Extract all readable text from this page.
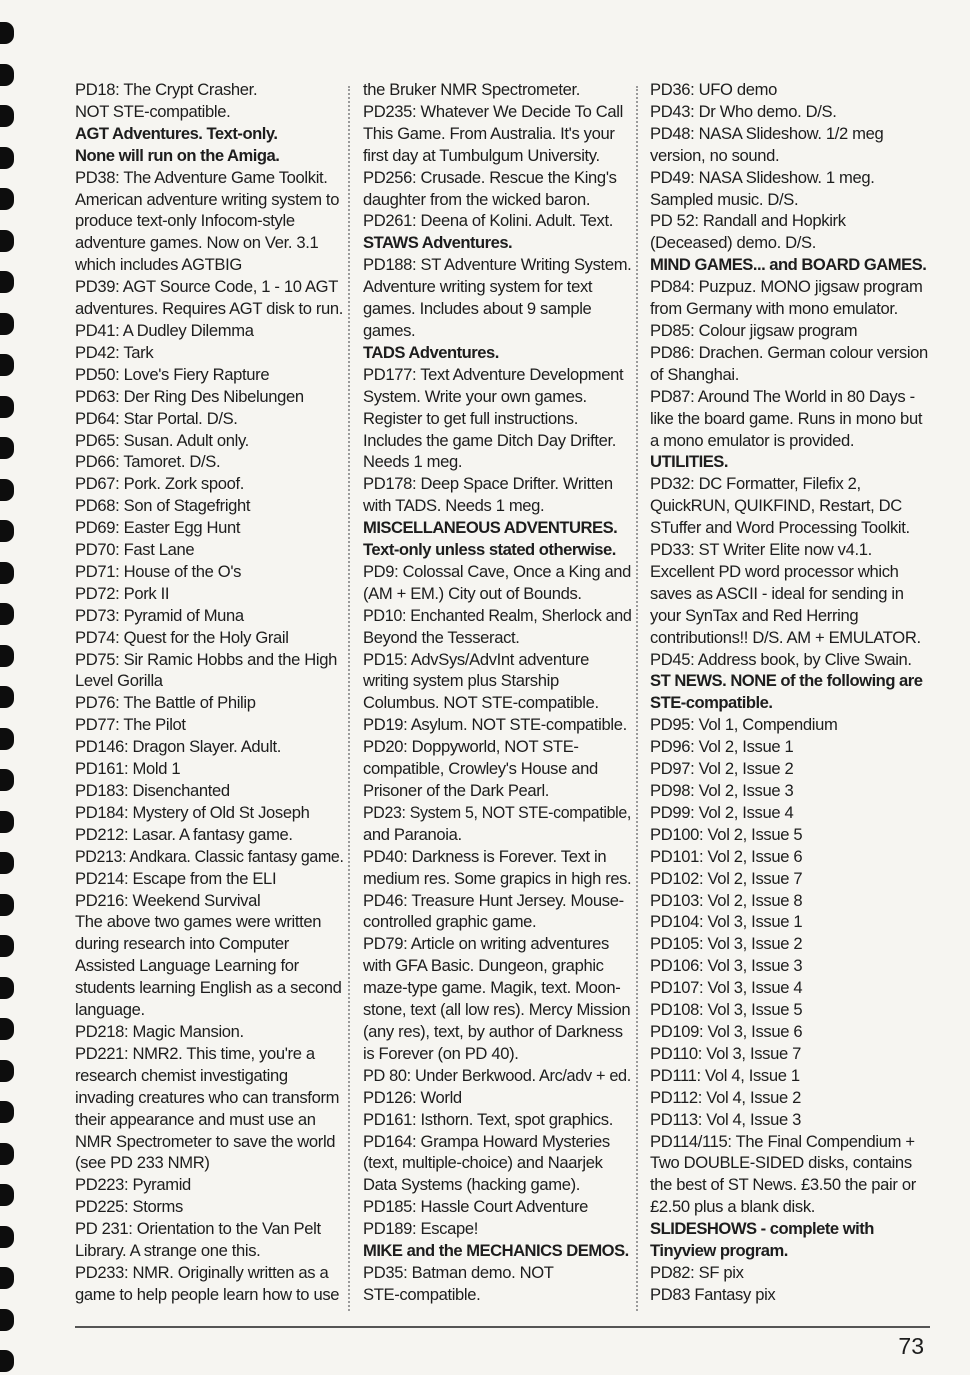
PD18: The Crypt Crasher.
NOT STE-compatible.
AGT Adventures. Text-only.
None will run on the Amiga.
PD38: The Adventure Game Toolkit.
American adventure writing system to
produce text-only Infocom-style
adventure games. Now on Ver. 3.1
which includes AGTBIG
PD39: AGT Source Code, 1 - 10 AGT
adventures. Requires AGT disk to run.
PD41: A Dudley Dilemma
PD42: Tark
PD50: Love's Fiery Rapture
PD63: Der Ring Des Nibelungen
PD64: Star Portal. D/S.
PD65: Susan. Adult only.
PD66: Tamoret. D/S.
PD67: Pork. Zork spoof.
PD68: Son of Stagefright
PD69: Easter Egg Hunt
PD70: Fast Lane
PD71: House of the O's
PD72: Pork II
PD73: Pyramid of Muna
PD74: Quest for the Holy Grail
PD75: Sir Ramic Hobbs and the High
Level Gorilla
PD76: The Battle of Philip
PD77: The Pilot
PD146: Dragon Slayer. Adult.
PD161: Mold 1
PD183: Disenchanted
PD184: Mystery of Old St Joseph
PD212: Lasar. A fantasy game.
PD213: Andkara. Classic fantasy game.
PD214: Escape from the ELI
PD216: Weekend Survival
The above two games were written
during research into Computer
Assisted Language Learning for
students learning English as a second
language.
PD218: Magic Mansion.
PD221: NMR2. This time, you're a
research chemist investigating
invading creatures who can transform
their appearance and must use an
NMR Spectrometer to save the world
(see PD 233 NMR)
PD223: Pyramid
PD225: Storms
PD 231: Orientation to the Van Pelt
Library. A strange one this.
PD233: NMR. Originally written as a
game to help people learn how to use
the Bruker NMR Spectrometer.
PD235: Whatever We Decide To Call
This Game. From Australia. It's your
first day at Tumbulgum University.
PD256: Crusade. Rescue the King's
daughter from the wicked baron.
PD261: Deena of Kolini. Adult. Text.
STAWS Adventures.
PD188: ST Adventure Writing System.
Adventure writing system for text
games. Includes about 9 sample
games.
TADS Adventures.
PD177: Text Adventure Development
System. Write your own games.
Register to get full instructions.
Includes the game Ditch Day Drifter.
Needs 1 meg.
PD178: Deep Space Drifter. Written
with TADS. Needs 1 meg.
MISCELLANEOUS ADVENTURES.
Text-only unless stated otherwise.
PD9: Colossal Cave, Once a King and
(AM + EM.) City out of Bounds.
PD10: Enchanted Realm, Sherlock and
Beyond the Tesseract.
PD15: AdvSys/AdvInt adventure
writing system plus Starship
Columbus. NOT STE-compatible.
PD19: Asylum. NOT STE-compatible.
PD20: Doppyworld, NOT STE-
compatible, Crowley's House and
Prisoner of the Dark Pearl.
PD23: System 5, NOT STE-compatible,
and Paranoia.
PD40: Darkness is Forever. Text in
medium res. Some grapics in high res.
PD46: Treasure Hunt Jersey. Mouse-
controlled graphic game.
PD79: Article on writing adventures
with GFA Basic. Dungeon, graphic
maze-type game. Magik, text. Moon-
stone, text (all low res). Mercy Mission
(any res), text, by author of Darkness
is Forever (on PD 40).
PD 80: Under Berkwood. Arc/adv + ed.
PD126: World
PD161: Isthorn. Text, spot graphics.
PD164: Grampa Howard Mysteries
(text, multiple-choice) and Naarjek
Data Systems (hacking game).
PD185: Hassle Court Adventure
PD189: Escape!
MIKE and the MECHANICS DEMOS.
PD35: Batman demo. NOT
STE-compatible.
PD36: UFO demo
PD43: Dr Who demo. D/S.
PD48: NASA Slideshow. 1/2 meg
version, no sound.
PD49: NASA Slideshow. 1 meg.
Sampled music. D/S.
PD 52: Randall and Hopkirk
(Deceased) demo. D/S.
MIND GAMES... and BOARD GAMES.
PD84: Puzpuz. MONO jigsaw program
from Germany with mono emulator.
PD85: Colour jigsaw program
PD86: Drachen. German colour version
of Shanghai.
PD87: Around The World in 80 Days -
like the board game. Runs in mono but
a mono emulator is provided.
UTILITIES.
PD32: DC Formatter, Filefix 2,
QuickRUN, QUIKFIND, Restart, DC
STuffer and Word Processing Toolkit.
PD33: ST Writer Elite now v4.1.
Excellent PD word processor which
saves as ASCII - ideal for sending in
your SynTax and Red Herring
contributions!! D/S. AM + EMULATOR.
PD45: Address book, by Clive Swain.
ST NEWS. NONE of the following are
STE-compatible.
PD95: Vol 1, Compendium
PD96: Vol 2, Issue 1
PD97: Vol 2, Issue 2
PD98: Vol 2, Issue 3
PD99: Vol 2, Issue 4
PD100: Vol 2, Issue 5
PD101: Vol 2, Issue 6
PD102: Vol 2, Issue 7
PD103: Vol 2, Issue 8
PD104: Vol 3, Issue 1
PD105: Vol 3, Issue 2
PD106: Vol 3, Issue 3
PD107: Vol 3, Issue 4
PD108: Vol 3, Issue 5
PD109: Vol 3, Issue 6
PD110: Vol 3, Issue 7
PD111: Vol 4, Issue 1
PD112: Vol 4, Issue 2
PD113: Vol 4, Issue 3
PD114/115: The Final Compendium +
Two DOUBLE-SIDED disks, contains
the best of ST News. £3.50 the pair or
£2.50 plus a blank disk.
SLIDESHOWS - complete with
Tinyview program.
PD82: SF pix
PD83 Fantasy pix
73
